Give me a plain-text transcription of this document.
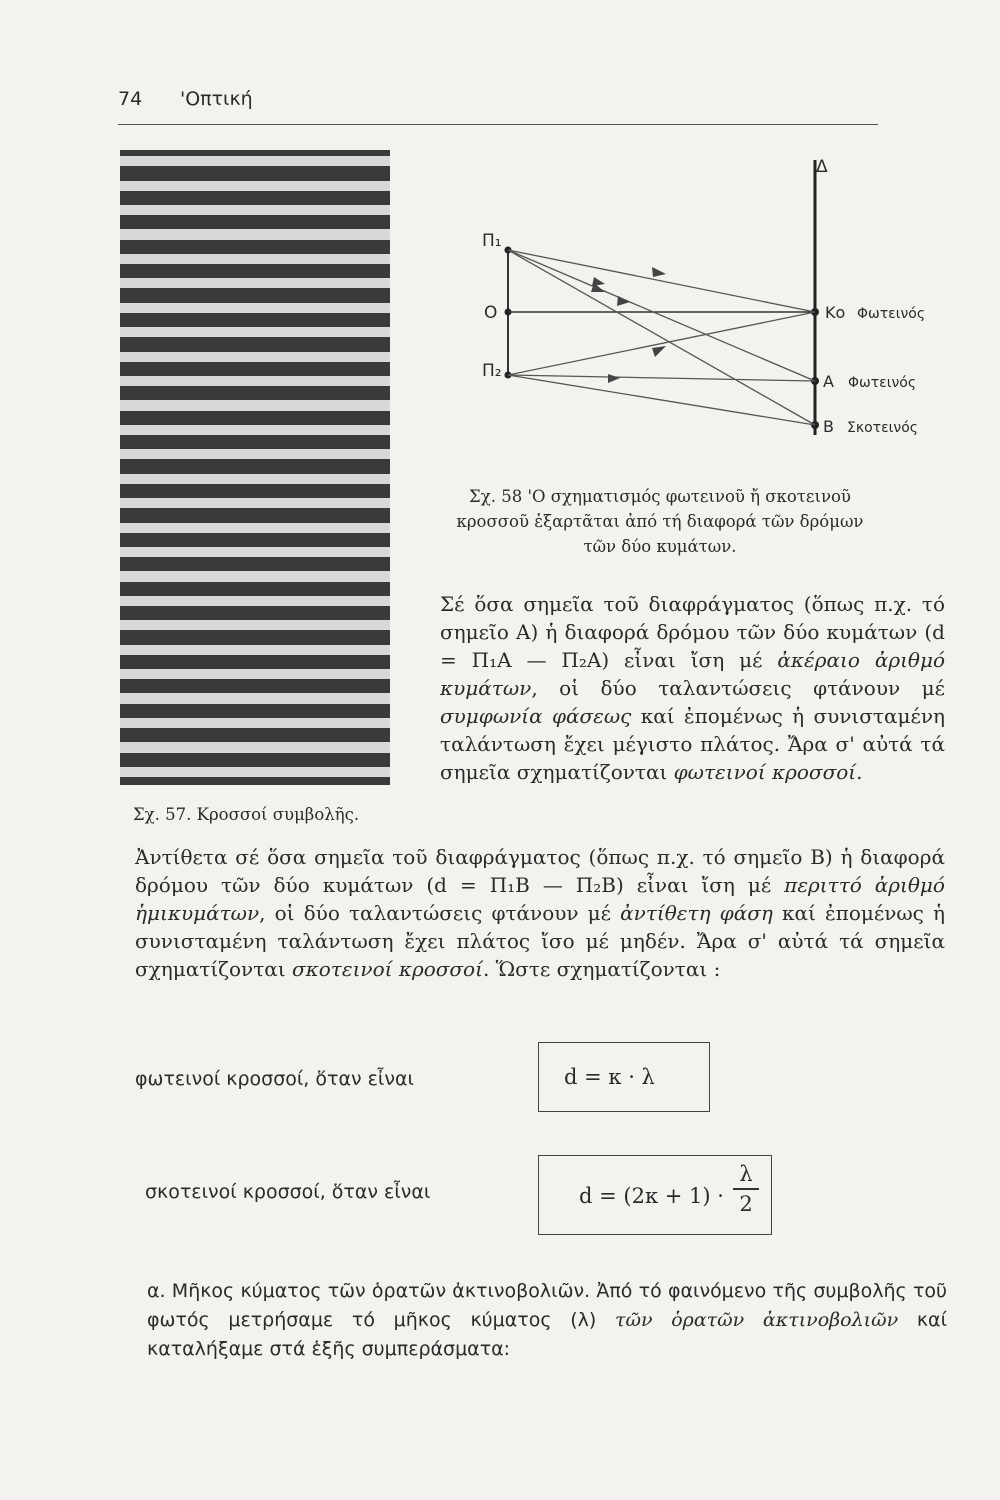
74 'Οπτική
Σχ. 57. Κροσσοί συμβολῆς.
Π₁
Ο
Π₂
Δ
Κο Φωτεινός
Α Φωτεινός
Β Σκοτεινός
Σχ. 58 'Ο σχηματισμός φωτεινοῦ ἤ σκοτεινοῦ κροσσοῦ ἐξαρτᾶται ἀπό τή διαφορά τῶν δρόμων τῶν δύο κυμάτων.
Σέ ὅσα σημεῖα τοῦ διαφράγματος (ὅπως π.χ. τό σημεῖο Α) ἡ διαφορά δρόμου τῶν δύο κυμάτων (d = Π₁Α — Π₂Α) εἶναι ἴση μέ ἀκέραιο ἀριθμό κυμάτων, οἱ δύο ταλαντώσεις φτάνουν μέ συμφωνία φάσεως καί ἐπομένως ἡ συνισταμένη ταλάντωση ἔχει μέγιστο πλάτος. Ἄρα σ' αὐτά τά σημεῖα σχηματίζονται φωτεινοί κροσσοί.
Ἀντίθετα σέ ὅσα σημεῖα τοῦ διαφράγματος (ὅπως π.χ. τό σημεῖο Β) ἡ διαφορά δρόμου τῶν δύο κυμάτων (d = Π₁Β — Π₂Β) εἶναι ἴση μέ περιττό ἀριθμό ἡμικυμάτων, οἱ δύο ταλαντώσεις φτάνουν μέ ἀντίθετη φάση καί ἐπομένως ἡ συνισταμένη ταλάντωση ἔχει πλάτος ἴσο μέ μηδέν. Ἄρα σ' αὐτά τά σημεῖα σχηματίζονται σκοτεινοί κροσσοί. Ὥστε σχηματίζονται :
φωτεινοί κροσσοί, ὅταν εἶναι	d = κ · λ
σκοτεινοί κροσσοί, ὅταν εἶναι	d = (2κ + 1) ·
λ
2
α. Μῆκος κύματος τῶν ὁρατῶν ἀκτινοβολιῶν. Ἀπό τό φαινόμενο τῆς συμβολῆς τοῦ φωτός μετρήσαμε τό μῆκος κύματος (λ) τῶν ὁρατῶν ἀκτινοβολιῶν καί καταλήξαμε στά ἑξῆς συμπεράσματα:
